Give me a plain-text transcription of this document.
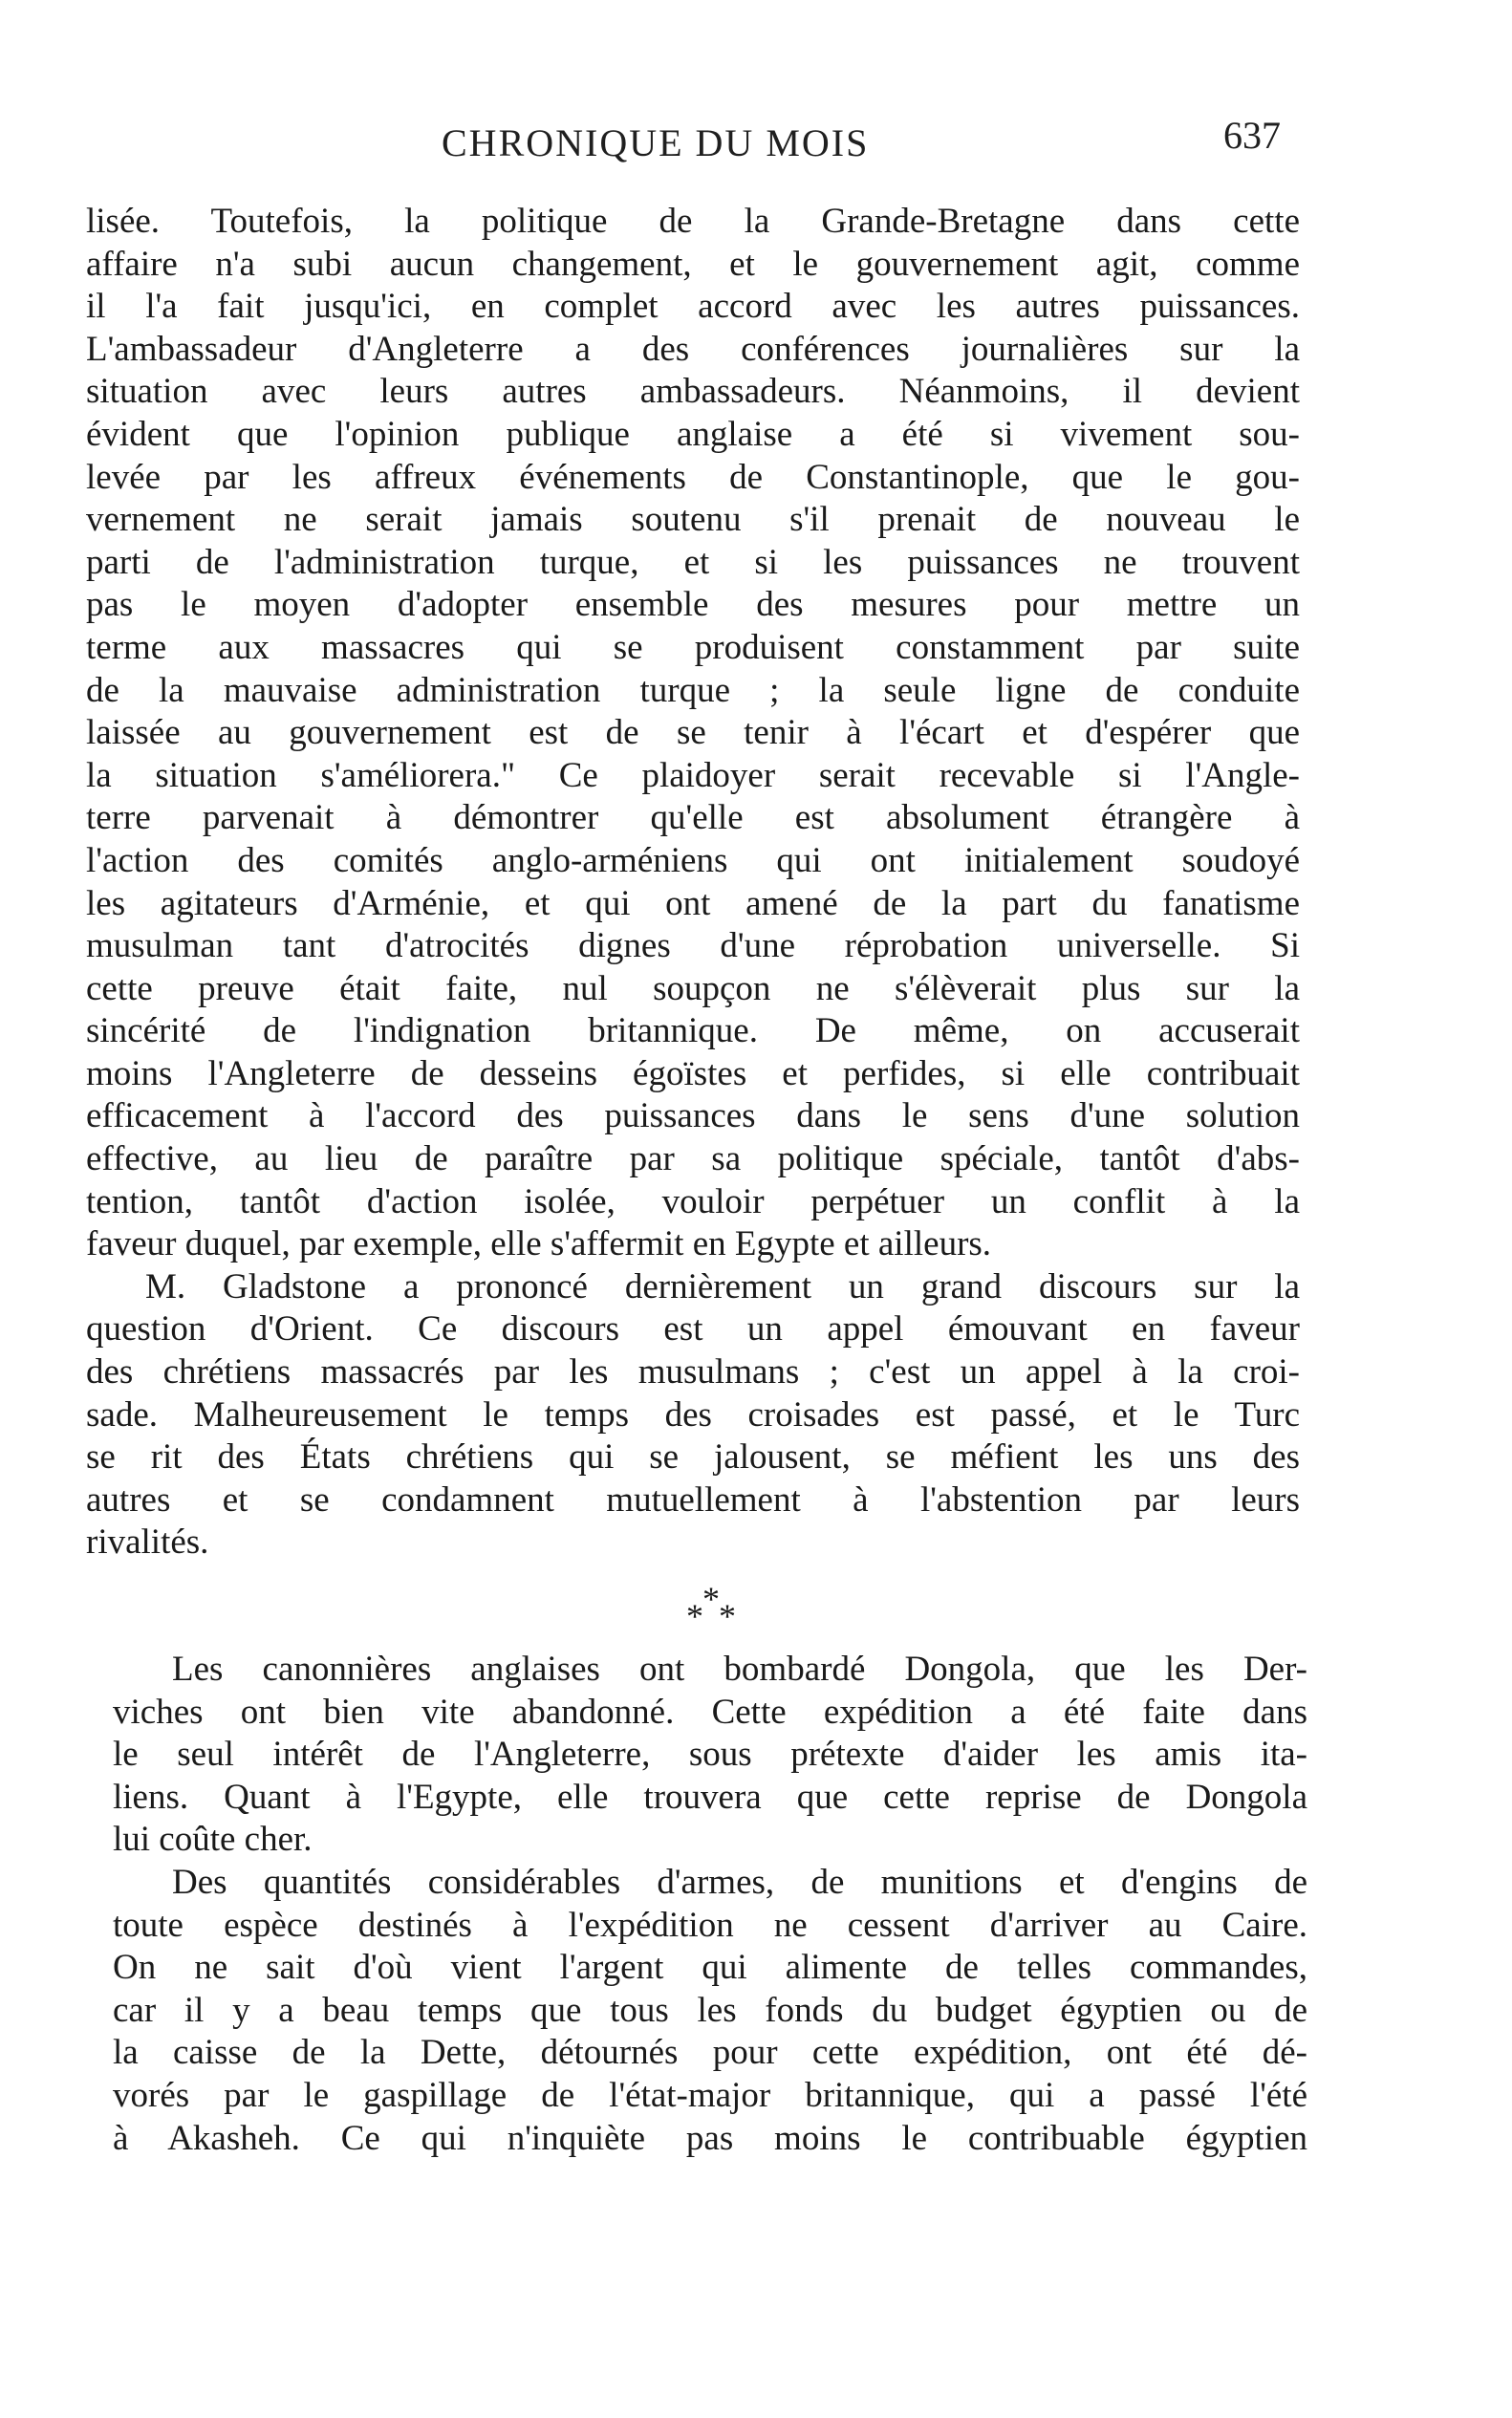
CHRONIQUE DU MOIS	637
lisée. Toutefois, la politique de la Grande-Bretagne dans cette
affaire n'a subi aucun changement, et le gouvernement agit, comme
il l'a fait jusqu'ici, en complet accord avec les autres puissances.
L'ambassadeur d'Angleterre a des conférences journalières sur la
situation avec leurs autres ambassadeurs. Néanmoins, il devient
évident que l'opinion publique anglaise a été si vivement sou-
levée par les affreux événements de Constantinople, que le gou-
vernement ne serait jamais soutenu s'il prenait de nouveau le
parti de l'administration turque, et si les puissances ne trouvent
pas le moyen d'adopter ensemble des mesures pour mettre un
terme aux massacres qui se produisent constamment par suite
de la mauvaise administration turque ; la seule ligne de conduite
laissée au gouvernement est de se tenir à l'écart et d'espérer que
la situation s'améliorera." Ce plaidoyer serait recevable si l'Angle-
terre parvenait à démontrer qu'elle est absolument étrangère à
l'action des comités anglo-arméniens qui ont initialement soudoyé
les agitateurs d'Arménie, et qui ont amené de la part du fanatisme
musulman tant d'atrocités dignes d'une réprobation universelle. Si
cette preuve était faite, nul soupçon ne s'élèverait plus sur la
sincérité de l'indignation britannique. De même, on accuserait
moins l'Angleterre de desseins égoïstes et perfides, si elle contribuait
efficacement à l'accord des puissances dans le sens d'une solution
effective, au lieu de paraître par sa politique spéciale, tantôt d'abs-
tention, tantôt d'action isolée, vouloir perpétuer un conflit à la
faveur duquel, par exemple, elle s'affermit en Egypte et ailleurs.
M. Gladstone a prononcé dernièrement un grand discours sur la
question d'Orient. Ce discours est un appel émouvant en faveur
des chrétiens massacrés par les musulmans ; c'est un appel à la croi-
sade. Malheureusement le temps des croisades est passé, et le Turc
se rit des États chrétiens qui se jalousent, se méfient les uns des
autres et se condamnent mutuellement à l'abstention par leurs
rivalités.
*
* *
Les canonnières anglaises ont bombardé Dongola, que les Der-
viches ont bien vite abandonné. Cette expédition a été faite dans
le seul intérêt de l'Angleterre, sous prétexte d'aider les amis ita-
liens. Quant à l'Egypte, elle trouvera que cette reprise de Dongola
lui coûte cher.
Des quantités considérables d'armes, de munitions et d'engins de
toute espèce destinés à l'expédition ne cessent d'arriver au Caire.
On ne sait d'où vient l'argent qui alimente de telles commandes,
car il y a beau temps que tous les fonds du budget égyptien ou de
la caisse de la Dette, détournés pour cette expédition, ont été dé-
vorés par le gaspillage de l'état-major britannique, qui a passé l'été
à Akasheh. Ce qui n'inquiète pas moins le contribuable égyptien
